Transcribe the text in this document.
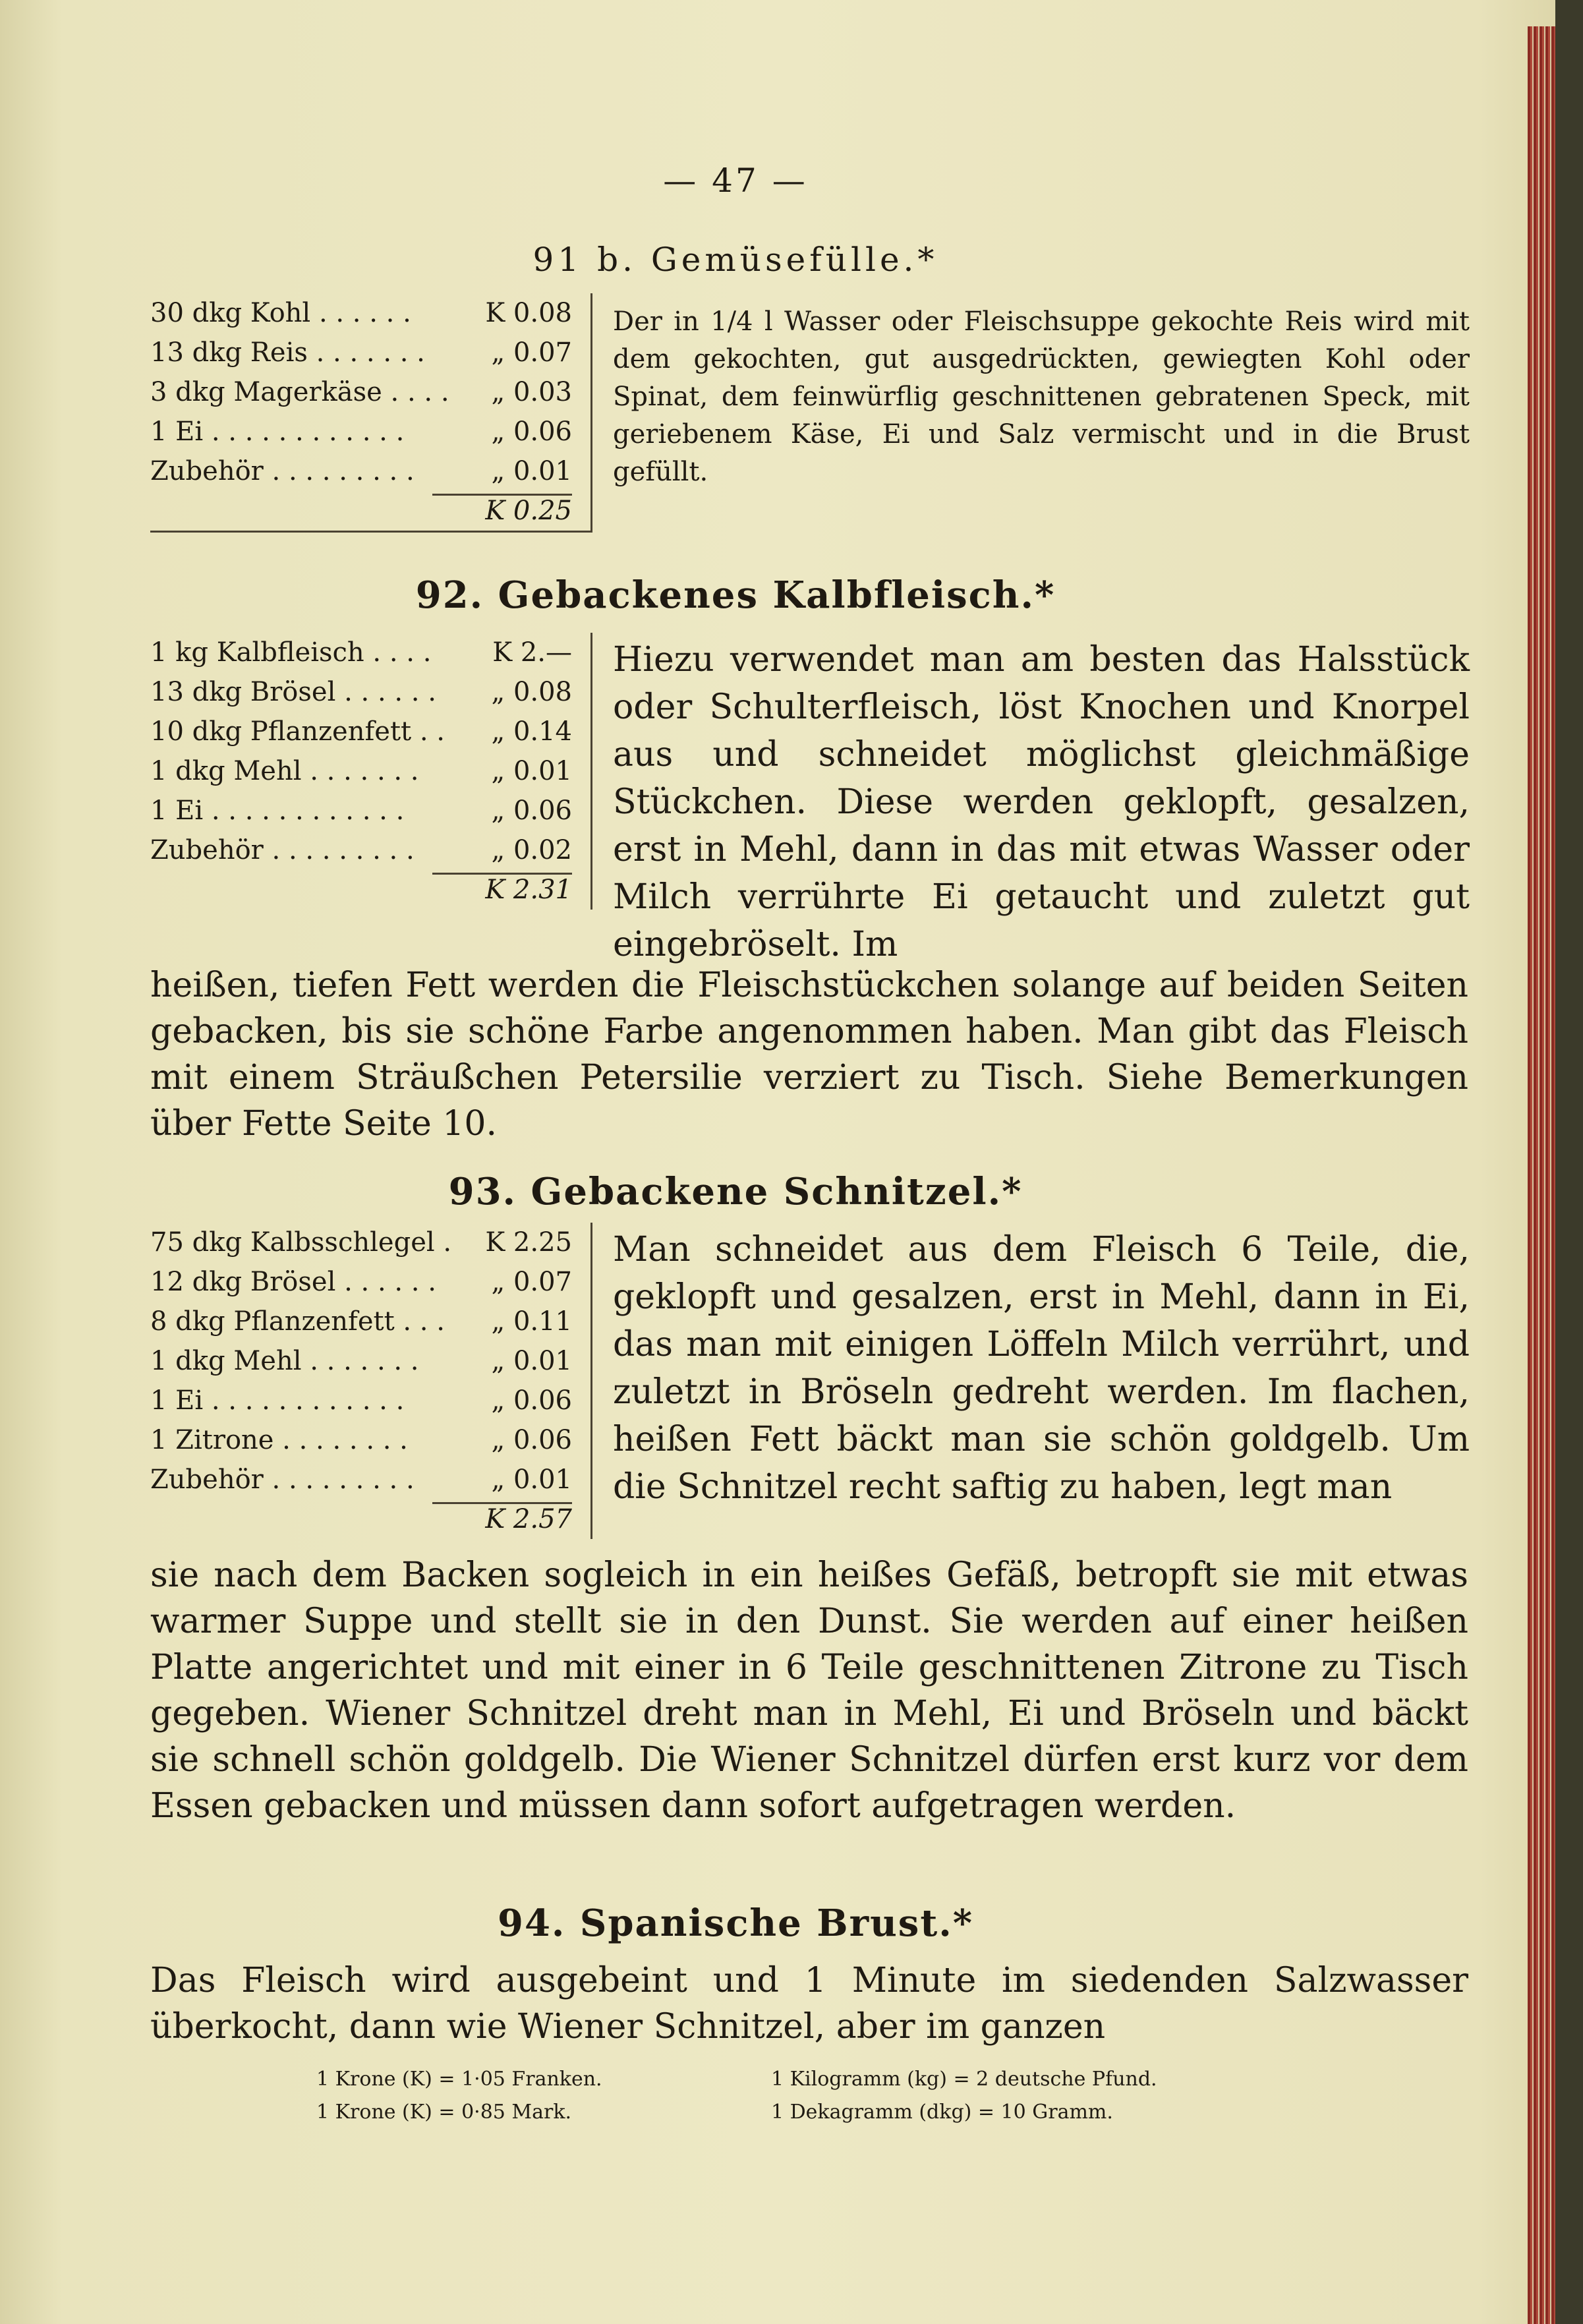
— 47 —
91 b. Gemüsefülle.*
30 dkg Kohl . . . . . .	K 0.08
13 dkg Reis . . . . . . .	„ 0.07
3 dkg Magerkäse . . . .	„ 0.03
1 Ei . . . . . . . . . . . .	„ 0.06
Zubehör . . . . . . . . .	„ 0.01
K 0.25
Der in 1/4 l Wasser oder Fleischsuppe gekochte Reis wird mit dem gekochten, gut ausgedrückten, gewiegten Kohl oder Spinat, dem feinwürflig geschnittenen gebratenen Speck, mit geriebenem Käse, Ei und Salz vermischt und in die Brust gefüllt.
92. Gebackenes Kalbfleisch.*
1 kg Kalbfleisch . . . .	K 2.—
13 dkg Brösel . . . . . .	„ 0.08
10 dkg Pflanzenfett . .	„ 0.14
1 dkg Mehl . . . . . . .	„ 0.01
1 Ei . . . . . . . . . . . .	„ 0.06
Zubehör . . . . . . . . .	„ 0.02
K 2.31
Hiezu verwendet man am besten das Halsstück oder Schulterfleisch, löst Knochen und Knorpel aus und schneidet möglichst gleichmäßige Stückchen. Diese werden geklopft, gesalzen, erst in Mehl, dann in das mit etwas Wasser oder Milch verrührte Ei getaucht und zuletzt gut eingebröselt. Im
heißen, tiefen Fett werden die Fleischstückchen solange auf beiden Seiten gebacken, bis sie schöne Farbe angenommen haben. Man gibt das Fleisch mit einem Sträußchen Petersilie verziert zu Tisch. Siehe Bemerkungen über Fette Seite 10.
93. Gebackene Schnitzel.*
75 dkg Kalbsschlegel .	K 2.25
12 dkg Brösel . . . . . .	„ 0.07
8 dkg Pflanzenfett . . .	„ 0.11
1 dkg Mehl . . . . . . .	„ 0.01
1 Ei . . . . . . . . . . . .	„ 0.06
1 Zitrone . . . . . . . .	„ 0.06
Zubehör . . . . . . . . .	„ 0.01
K 2.57
Man schneidet aus dem Fleisch 6 Teile, die, geklopft und gesalzen, erst in Mehl, dann in Ei, das man mit einigen Löffeln Milch verrührt, und zuletzt in Bröseln gedreht werden. Im flachen, heißen Fett bäckt man sie schön goldgelb. Um die Schnitzel recht saftig zu haben, legt man
sie nach dem Backen sogleich in ein heißes Gefäß, betropft sie mit etwas warmer Suppe und stellt sie in den Dunst. Sie werden auf einer heißen Platte angerichtet und mit einer in 6 Teile geschnittenen Zitrone zu Tisch gegeben. Wiener Schnitzel dreht man in Mehl, Ei und Bröseln und bäckt sie schnell schön goldgelb. Die Wiener Schnitzel dürfen erst kurz vor dem Essen gebacken und müssen dann sofort aufgetragen werden.
94. Spanische Brust.*
Das Fleisch wird ausgebeint und 1 Minute im siedenden Salzwasser überkocht, dann wie Wiener Schnitzel, aber im ganzen
1 Krone (K) = 1·05 Franken.	1 Kilogramm (kg) = 2 deutsche Pfund.
1 Krone (K) = 0·85 Mark.	1 Dekagramm (dkg) = 10 Gramm.
